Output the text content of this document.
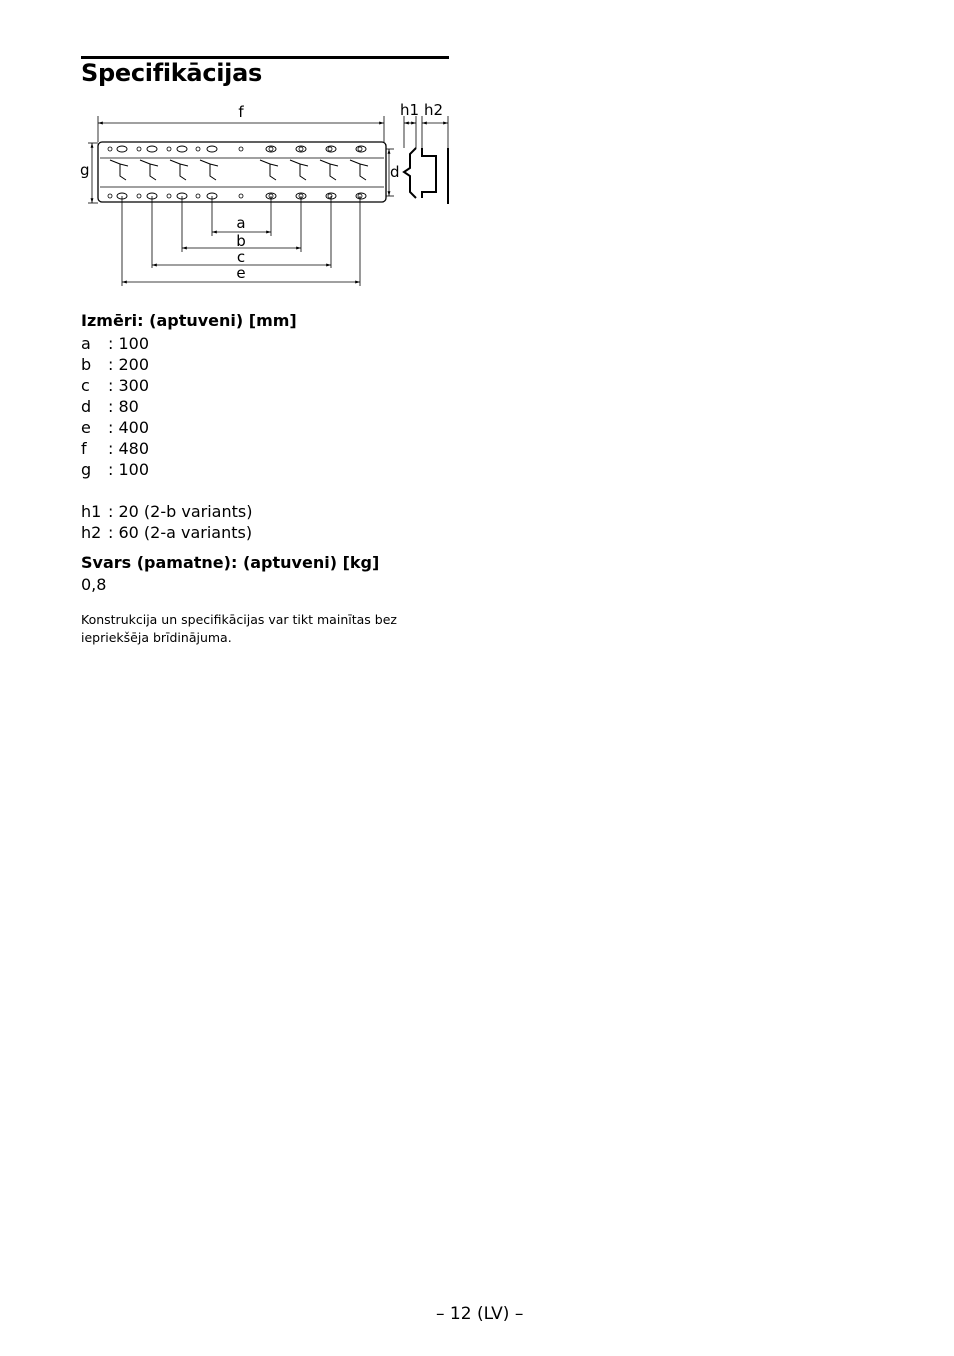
Specifikācijas
f
g	d
h1 h2
a
b
c
e
Izmēri: (aptuveni) [mm]
a	: 100
b	: 200
c	: 300
d	: 80
e	: 400
f	: 480
g	: 100
h1 : 20 (2-b variants)
h2 : 60 (2-a variants)
Svars (pamatne): (aptuveni) [kg]
0,8
Konstrukcija un specifikācijas var tikt mainītas bez iepriekšēja brīdinājuma.
– 12 (LV) –
